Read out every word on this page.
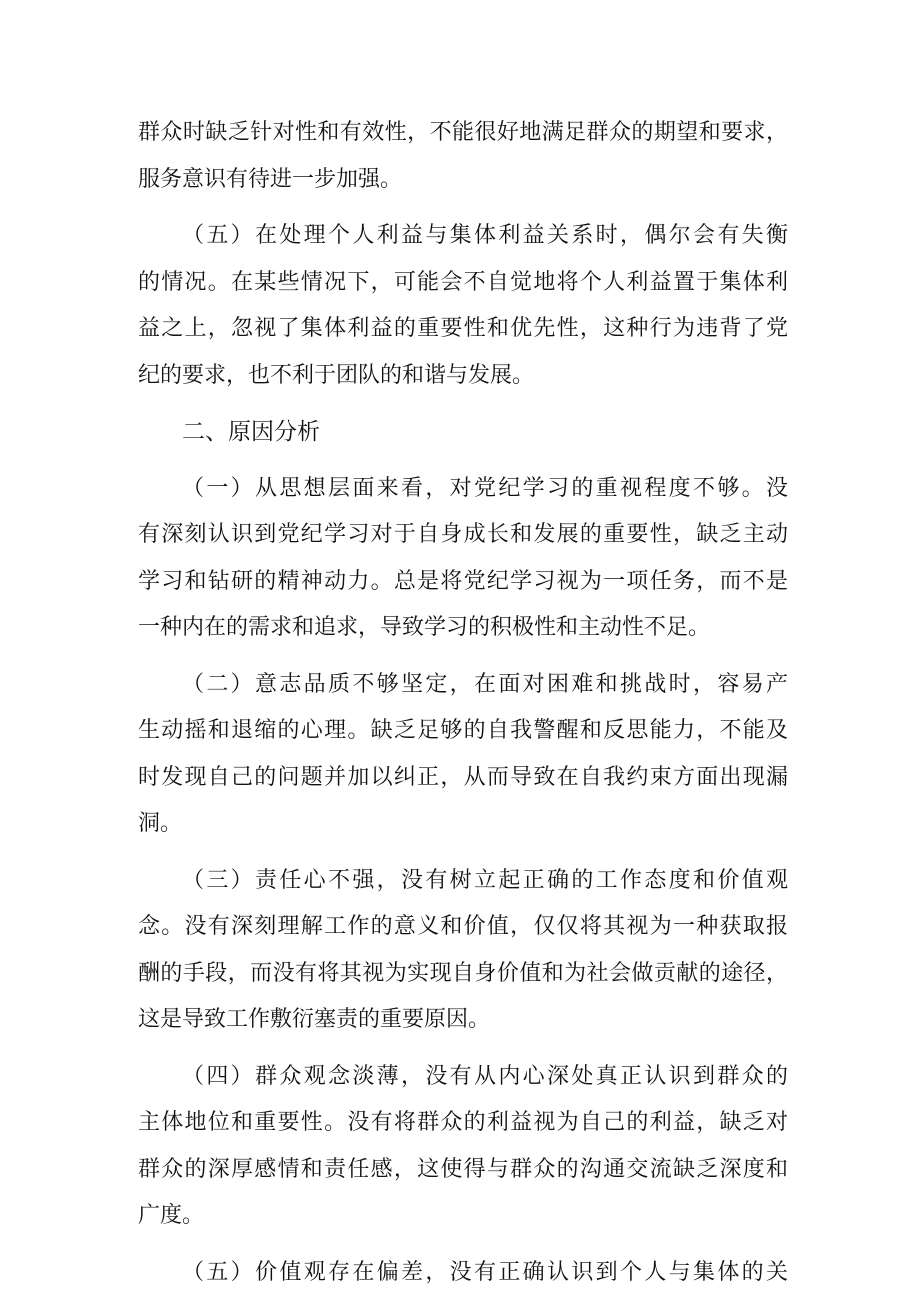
群众时缺乏针对性和有效性，不能很好地满足群众的期望和要求，
服务意识有待进一步加强。
（五）在处理个人利益与集体利益关系时，偶尔会有失衡
的情况。在某些情况下，可能会不自觉地将个人利益置于集体利
益之上，忽视了集体利益的重要性和优先性，这种行为违背了党
纪的要求，也不利于团队的和谐与发展。
二、原因分析
（一）从思想层面来看，对党纪学习的重视程度不够。没
有深刻认识到党纪学习对于自身成长和发展的重要性，缺乏主动
学习和钻研的精神动力。总是将党纪学习视为一项任务，而不是
一种内在的需求和追求，导致学习的积极性和主动性不足。
（二）意志品质不够坚定，在面对困难和挑战时，容易产
生动摇和退缩的心理。缺乏足够的自我警醒和反思能力，不能及
时发现自己的问题并加以纠正，从而导致在自我约束方面出现漏
洞。
（三）责任心不强，没有树立起正确的工作态度和价值观
念。没有深刻理解工作的意义和价值，仅仅将其视为一种获取报
酬的手段，而没有将其视为实现自身价值和为社会做贡献的途径，
这是导致工作敷衍塞责的重要原因。
（四）群众观念淡薄，没有从内心深处真正认识到群众的
主体地位和重要性。没有将群众的利益视为自己的利益，缺乏对
群众的深厚感情和责任感，这使得与群众的沟通交流缺乏深度和
广度。
（五）价值观存在偏差，没有正确认识到个人与集体的关
